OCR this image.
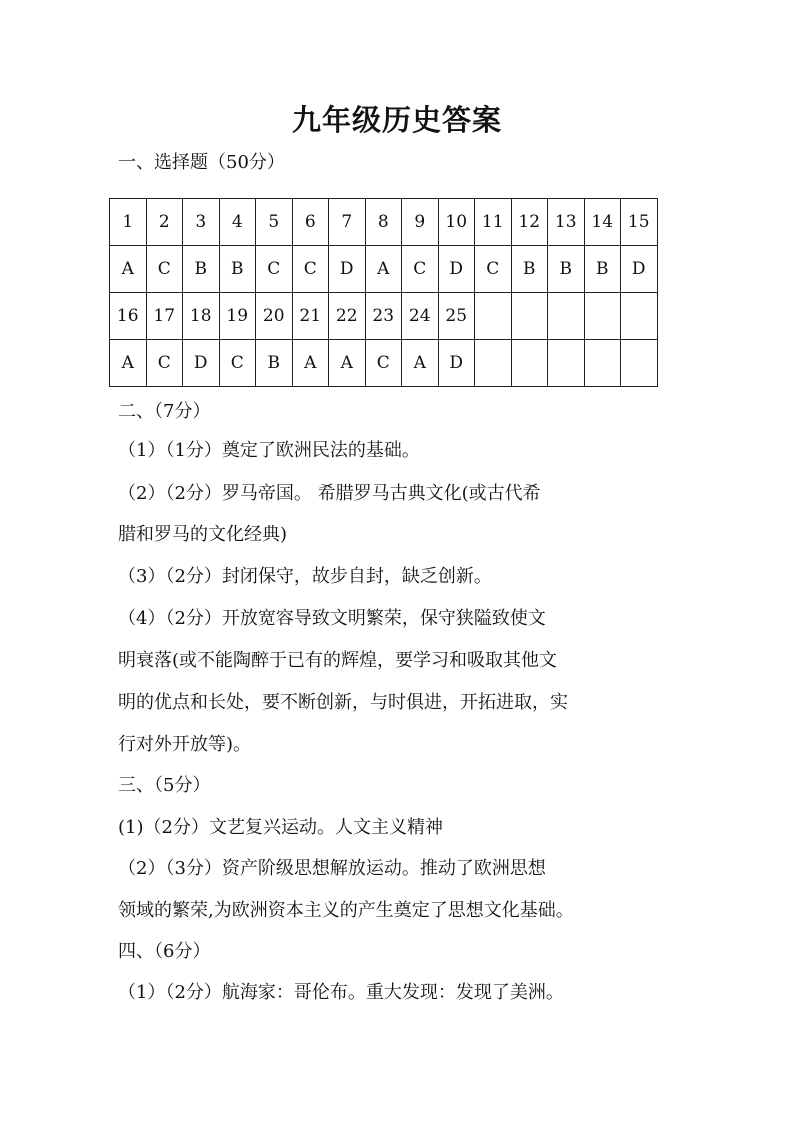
九年级历史答案
一、选择题（50分）
1	2	3	4	5	6	7	8	9	10	11	12	13	14	15
A	C	B	B	C	C	D	A	C	D	C	B	B	B	D
16	17	18	19	20	21	22	23	24	25					
A	C	D	C	B	A	A	C	A	D					
二、（7分）
（1）（1分）奠定了欧洲民法的基础。
（2）（2分）罗马帝国。 希腊罗马古典文化(或古代希
腊和罗马的文化经典)
（3）（2分）封闭保守，故步自封，缺乏创新。
（4）（2分）开放宽容导致文明繁荣，保守狭隘致使文
明衰落(或不能陶醉于已有的辉煌，要学习和吸取其他文
明的优点和长处，要不断创新，与时俱进，开拓进取，实
行对外开放等)。
三、（5分）
(1)（2分）文艺复兴运动。人文主义精神
（2）（3分）资产阶级思想解放运动。推动了欧洲思想
领域的繁荣,为欧洲资本主义的产生奠定了思想文化基础。
四、（6分）
（1）（2分）航海家：哥伦布。重大发现：发现了美洲。
